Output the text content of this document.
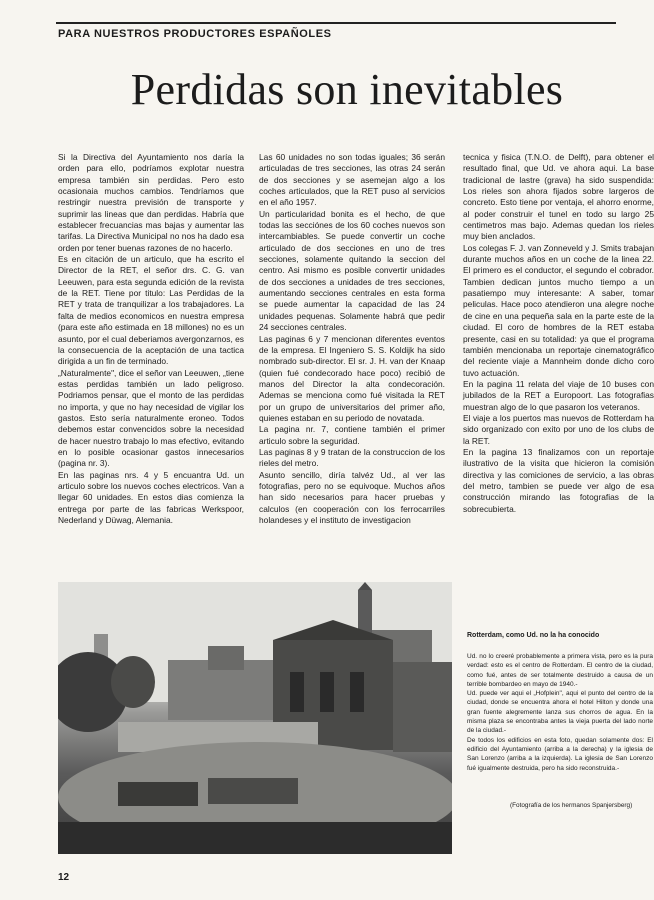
PARA NUESTROS PRODUCTORES ESPAÑOLES
Perdidas son inevitables

Si la Directiva del Ayuntamiento nos daría la orden para ello, podríamos explotar nuestra empresa también sin perdidas. Pero esto ocasionaia muchos cambios. Tendríamos que restringir nuestra previsión de transporte y suprimir las lineas que dan perdidas. Habría que establecer frecuancias mas bajas y aumentar las tarifas. La Directiva Municipal no nos ha dado esa orden por tener buenas razones de no hacerlo.

Es en citación de un articulo, que ha escrito el Director de la RET, el señor drs. C. G. van Leeuwen, para esta segunda edición de la revista de la RET. Tiene por titulo: Las Perdidas de la RET y trata de tranquilizar a los trabajadores. La falta de medios economicos en nuestra empresa (para este año estimada en 18 millones) no es un asunto, por el cual deberiamos avergonzarnos, es la consecuencia de la aceptación de una tactica dirigida a un fin de terminado.

„Naturalmente", dice el señor van Leeuwen, „tiene estas perdidas también un lado peligroso. Podriamos pensar, que el monto de las perdidas no importa, y que no hay necesidad de vigilar los gastos. Esto sería naturalmente eroneo. Todos debemos estar convencidos sobre la necesidad de hacer nuestro trabajo lo mas efectivo, evitando en lo posible ocasionar gastos innecesarios (pagina nr. 3).

En las paginas nrs. 4 y 5 encuantra Ud. un articulo sobre los nuevos coches electricos. Van a llegar 60 unidades. En estos dias comienza la entrega por parte de las fabricas Werkspoor, Nederland y Düwag, Alemania.

Las 60 unidades no son todas iguales; 36 serán articuladas de tres secciones, las otras 24 serán de dos secciones y se asemejan algo a los coches articulados, que la RET puso al servicios en el año 1957.

Un particularidad bonita es el hecho, de que todas las secciónes de los 60 coches nuevos son intercambiables. Se puede convertir un coche articulado de dos secciones en uno de tres secciones, solamente quitando la seccion del centro. Asi mismo es posible convertir unidades de dos secciones a unidades de tres secciones, aumentando secciones centrales en esta forma se puede aumentar la capacidad de las 24 unidades pequenas. Solamente habrá que pedir 24 secciones centrales.

Las paginas 6 y 7 mencionan diferentes eventos de la empresa. El Ingeniero S. S. Koldijk ha sido nombrado sub-director. El sr. J. H. van der Knaap (quien fué condecorado hace poco) recibió de manos del Director la alta condecoración. Ademas se menciona como fué visitada la RET por un grupo de universitarios del primer año, quienes estaban en su periodo de novatada.

La pagina nr. 7, contiene también el primer articulo sobre la seguridad.

Las paginas 8 y 9 tratan de la construccion de los rieles del metro.

Asunto sencillo, diría talvéz Ud., al ver las fotografias, pero no se equivoque. Muchos años han sido necesarios para hacer pruebas y calculos (en cooperación con los ferrocarriles holandeses y el instituto de investigacion

tecnica y fisica (T.N.O. de Delft), para obtener el resultado final, que Ud. ve ahora aqui. La base tradicional de lastre (grava) ha sido suspendida: Los rieles son ahora fijados sobre largeros de concreto. Esto tiene por ventaja, el ahorro enorme, al poder construir el tunel en todo su largo 25 centimetros mas bajo. Ademas quedan los rieles muy bien anclados.

Los colegas F. J. van Zonneveld y J. Smits trabajan durante muchos años en un coche de la linea 22. El primero es el conductor, el segundo el cobrador. Tambien dedican juntos mucho tiempo a un pasatiempo muy interesante: A saber, tomar peliculas. Hace poco atendieron una alegre noche de cine en una pequeña sala en la parte este de la ciudad. El coro de hombres de la RET estaba presente, casi en su totalidad: ya que el programa también mencionaba un reportaje cinematográfico del reciente viaje a Mannheim donde dicho coro tuvo actuación.

En la pagina 11 relata del viaje de 10 buses con jubilados de la RET a Europoort. Las fotografias muestran algo de lo que pasaron los veteranos.

El viaje a los puertos mas nuevos de Rotterdam ha sido organizado con exito por uno de los clubs de la RET.

En la pagina 13 finalizamos con un reportaje ilustrativo de la visita que hicieron la comisión directiva y las comiciones de servicio, a las obras del metro, tambien se puede ver algo de esa construcción mirando las fotografias de la sobrecubierta.

Rotterdam, como Ud. no la ha conocido

Ud. no lo creeré probablemente a primera vista, pero es la pura verdad: esto es el centro de Rotterdam. El centro de la ciudad, como fué, antes de ser totalmente destruido a causa de un terrible bombardeo en mayo de 1940.-

Ud. puede ver aqui el „Hofplein", aqui el punto del centro de la ciudad, donde se encuentra ahora el hotel Hilton y donde una gran fuente alegremente lanza sus chorros de agua. En la misma plaza se encontraba antes la vieja puerta del lado norte de la ciudad.-

De todos los edificios en esta foto, quedan solamente dos: El edificio del Ayuntamiento (arriba a la derecha) y la iglesia de San Lorenzo (arriba a la izquierda). La iglesia de San Lorenzo fué igualmente destruida, pero ha sido reconstruida.-

(Fotografía de los hermanos Spanjersberg)
12
